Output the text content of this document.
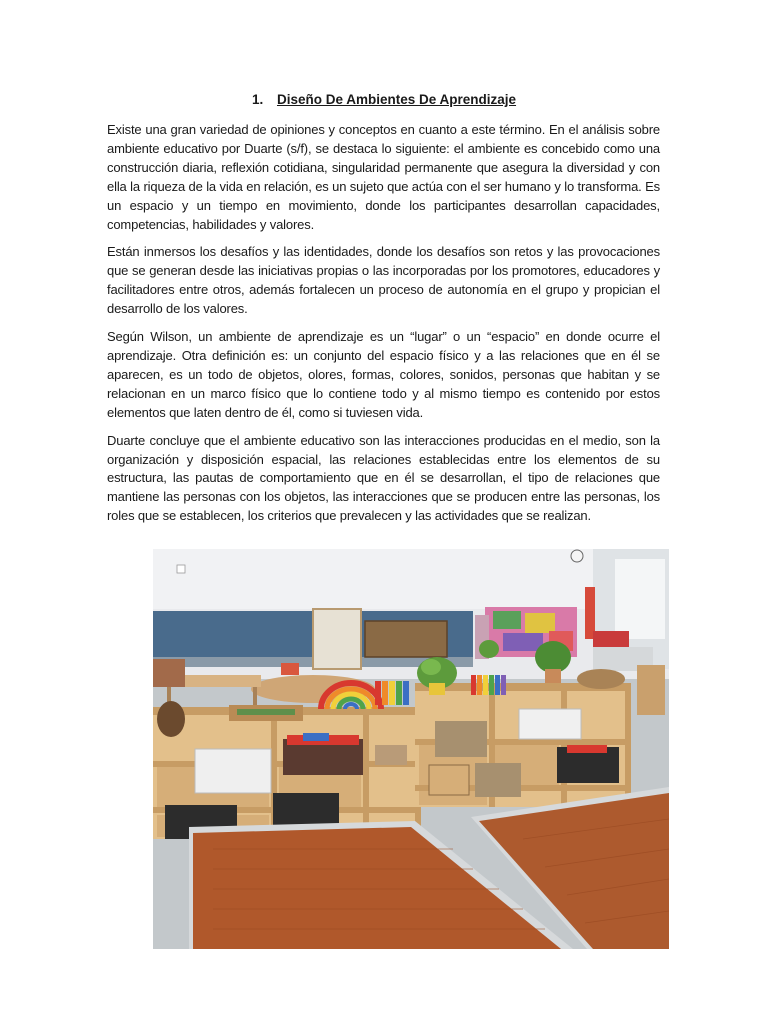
1. Diseño De Ambientes De Aprendizaje

Existe una gran variedad de opiniones y conceptos en cuanto a este término. En el análisis sobre ambiente educativo por Duarte (s/f), se destaca lo siguiente: el ambiente es concebido como una construcción diaria, reflexión cotidiana, singularidad permanente que asegura la diversidad y con ella la riqueza de la vida en relación, es un sujeto que actúa con el ser humano y lo transforma. Es un espacio y un tiempo en movimiento, donde los participantes desarrollan capacidades, competencias, habilidades y valores.

Están inmersos los desafíos y las identidades, donde los desafíos son retos y las provocaciones que se generan desde las iniciativas propias o las incorporadas por los promotores, educadores y facilitadores entre otros, además fortalecen un proceso de autonomía en el grupo y propician el desarrollo de los valores.

Según Wilson, un ambiente de aprendizaje es un “lugar” o un “espacio” en donde ocurre el aprendizaje. Otra definición es: un conjunto del espacio físico y a las relaciones que en él se aparecen, es un todo de objetos, olores, formas, colores, sonidos, personas que habitan y se relacionan en un marco físico que lo contiene todo y al mismo tiempo es contenido por estos elementos que laten dentro de él, como si tuviesen vida.

Duarte concluye que el ambiente educativo son las interacciones producidas en el medio, son la organización y disposición espacial, las relaciones establecidas entre los elementos de su estructura, las pautas de comportamiento que en él se desarrollan, el tipo de relaciones que mantiene las personas con los objetos, las interacciones que se producen entre las personas, los roles que se establecen, los criterios que prevalecen y las actividades que se realizan.
